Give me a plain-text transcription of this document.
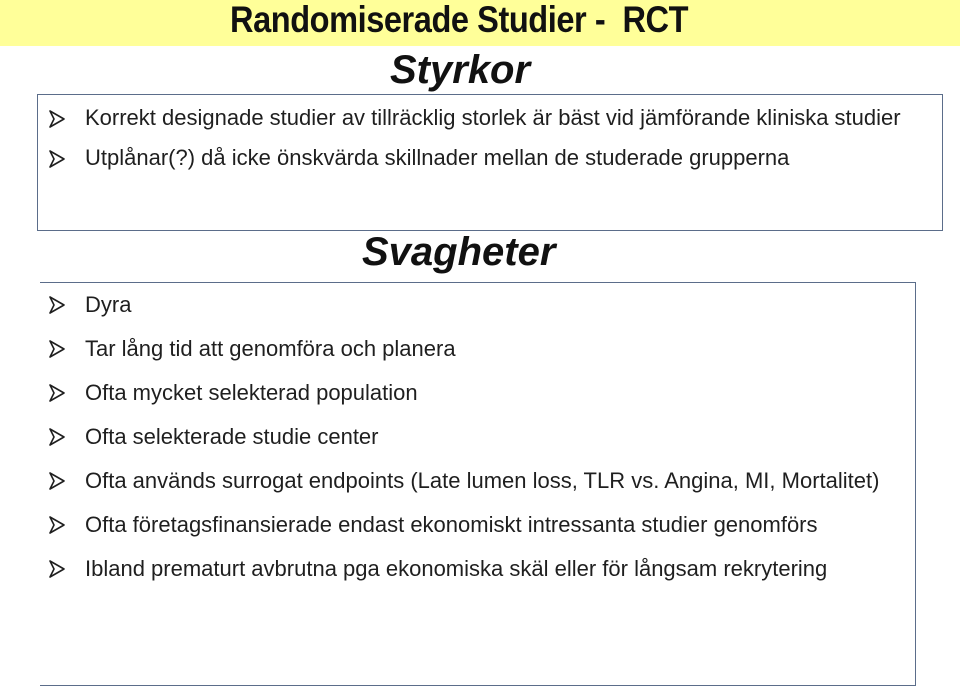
Randomiserade Studier -  RCT
Styrkor
Korrekt designade studier av tillräcklig storlek är bäst vid jämförande kliniska studier
Utplånar(?) då icke önskvärda skillnader mellan de studerade grupperna
Svagheter
Dyra
Tar lång tid att genomföra och planera
Ofta mycket selekterad population
Ofta selekterade studie center
Ofta används surrogat endpoints (Late lumen loss, TLR vs. Angina, MI, Mortalitet)
Ofta företagsfinansierade endast ekonomiskt intressanta studier genomförs
Ibland prematurt avbrutna pga ekonomiska skäl eller för långsam rekrytering
